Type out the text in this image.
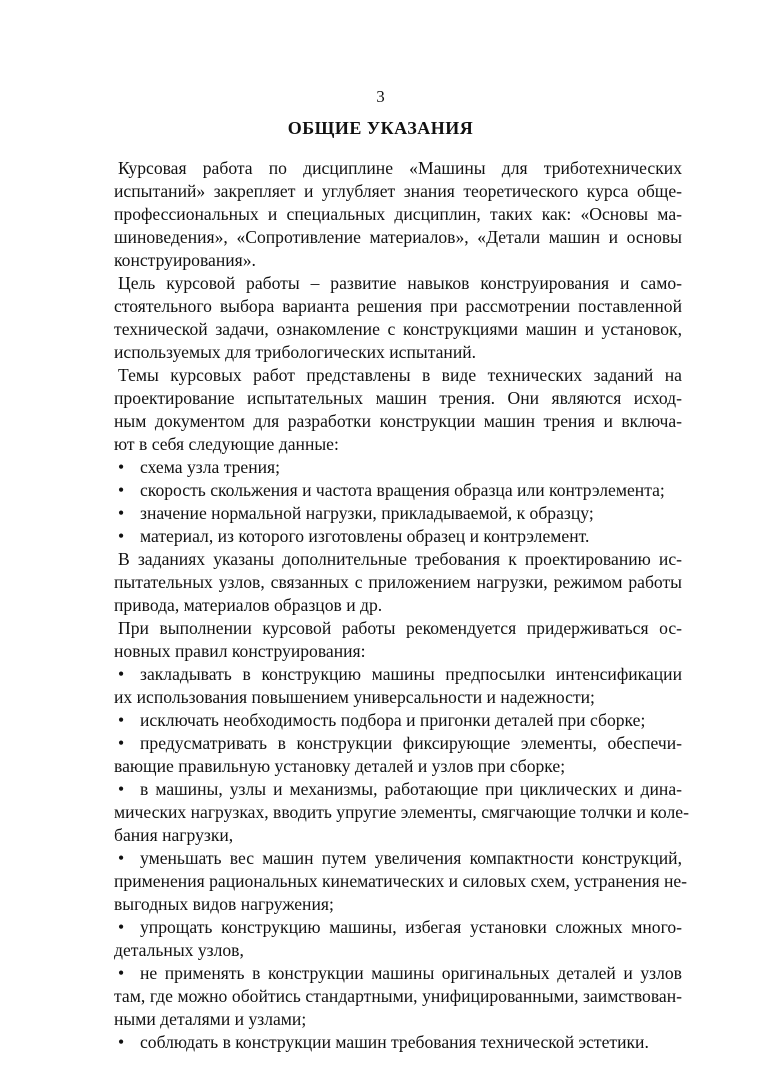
3
ОБЩИЕ УКАЗАНИЯ
Курсовая работа по дисциплине «Машины для триботехнических
испытаний» закрепляет и углубляет знания теоретического курса обще-
профессиональных и специальных дисциплин, таких как: «Основы ма-
шиноведения», «Сопротивление материалов», «Детали машин и основы
конструирования».
Цель курсовой работы – развитие навыков конструирования и само-
стоятельного выбора варианта решения при рассмотрении поставленной
технической задачи, ознакомление с конструкциями машин и установок,
используемых для трибологических испытаний.
Темы курсовых работ представлены в виде технических заданий на
проектирование испытательных машин трения. Они являются исход-
ным документом для разработки конструкции машин трения и включа-
ют в себя следующие данные:
• схема узла трения;
• скорость скольжения и частота вращения образца или контрэлемента;
• значение нормальной нагрузки, прикладываемой, к образцу;
• материал, из которого изготовлены образец и контрэлемент.
В заданиях указаны дополнительные требования к проектированию ис-
пытательных узлов, связанных с приложением нагрузки, режимом работы
привода, материалов образцов и др.
При выполнении курсовой работы рекомендуется придерживаться ос-
новных правил конструирования:
• закладывать в конструкцию машины предпосылки интенсификации
их использования повышением универсальности и надежности;
• исключать необходимость подбора и пригонки деталей при сборке;
• предусматривать в конструкции фиксирующие элементы, обеспечи-
вающие правильную установку деталей и узлов при сборке;
• в машины, узлы и механизмы, работающие при циклических и дина-
мических нагрузках, вводить упругие элементы, смягчающие толчки и коле-
бания нагрузки,
• уменьшать вес машин путем увеличения компактности конструкций,
применения рациональных кинематических и силовых схем, устранения не-
выгодных видов нагружения;
• упрощать конструкцию машины, избегая установки сложных много-
детальных узлов,
• не применять в конструкции машины оригинальных деталей и узлов
там, где можно обойтись стандартными, унифицированными, заимствован-
ными деталями и узлами;
• соблюдать в конструкции машин требования технической эстетики.
